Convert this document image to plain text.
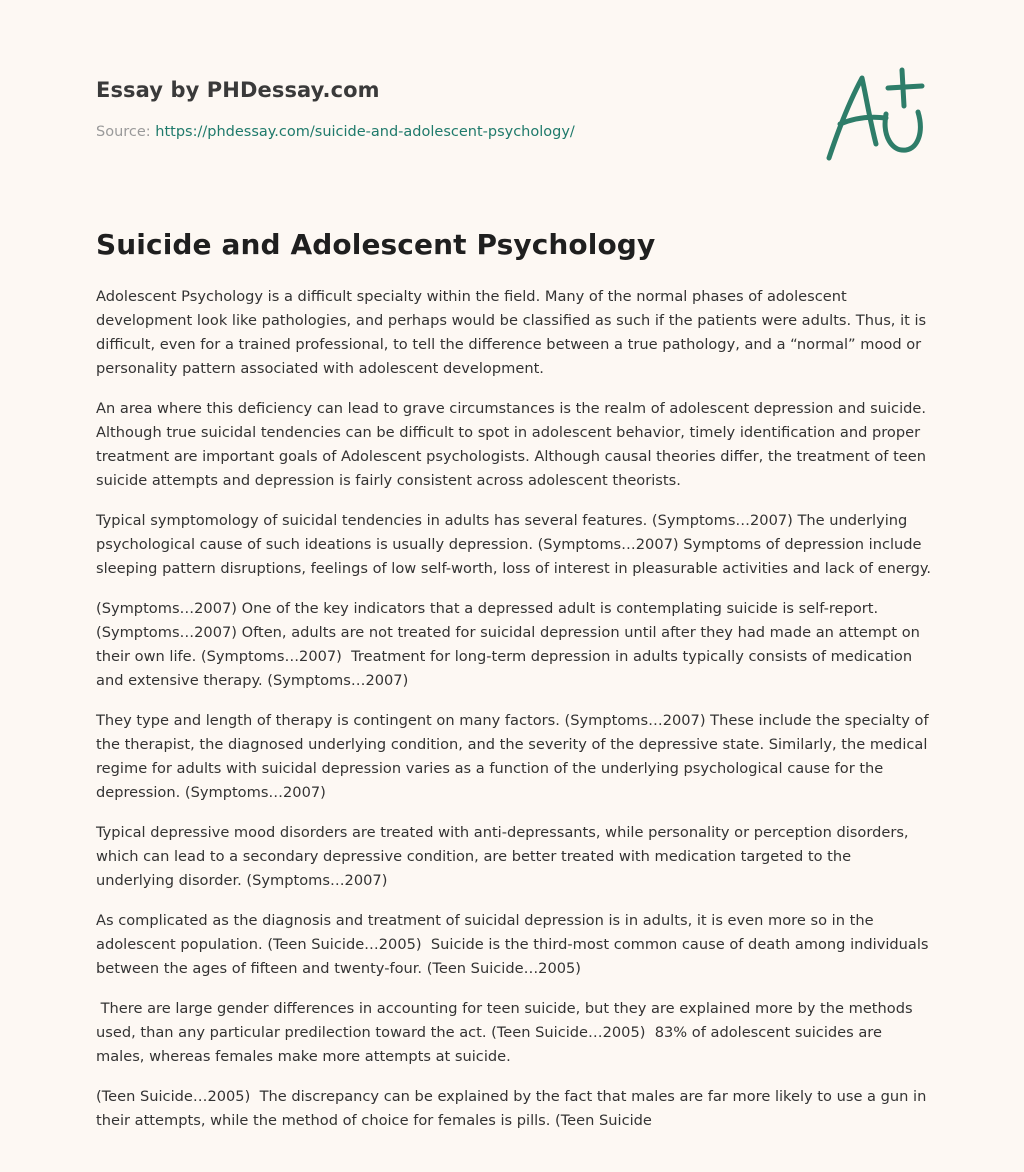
Essay by PHDessay.com
Source: https://phdessay.com/suicide-and-adolescent-psychology/
Suicide and Adolescent Psychology

Adolescent Psychology is a difficult specialty within the field. Many of the normal phases of adolescent development look like pathologies, and perhaps would be classified as such if the patients were adults. Thus, it is difficult, even for a trained professional, to tell the difference between a true pathology, and a “normal” mood or personality pattern associated with adolescent development.

An area where this deficiency can lead to grave circumstances is the realm of adolescent depression and suicide. Although true suicidal tendencies can be difficult to spot in adolescent behavior, timely identification and proper treatment are important goals of Adolescent psychologists. Although causal theories differ, the treatment of teen suicide attempts and depression is fairly consistent across adolescent theorists.

Typical symptomology of suicidal tendencies in adults has several features. (Symptoms…2007) The underlying psychological cause of such ideations is usually depression. (Symptoms…2007) Symptoms of depression include sleeping pattern disruptions, feelings of low self-worth, loss of interest in pleasurable activities and lack of energy.

(Symptoms…2007) One of the key indicators that a depressed adult is contemplating suicide is self-report. (Symptoms…2007) Often, adults are not treated for suicidal depression until after they had made an attempt on their own life. (Symptoms…2007)  Treatment for long-term depression in adults typically consists of medication and extensive therapy. (Symptoms…2007)

They type and length of therapy is contingent on many factors. (Symptoms…2007) These include the specialty of the therapist, the diagnosed underlying condition, and the severity of the depressive state. Similarly, the medical regime for adults with suicidal depression varies as a function of the underlying psychological cause for the depression. (Symptoms…2007)

Typical depressive mood disorders are treated with anti-depressants, while personality or perception disorders, which can lead to a secondary depressive condition, are better treated with medication targeted to the underlying disorder. (Symptoms…2007)

As complicated as the diagnosis and treatment of suicidal depression is in adults, it is even more so in the adolescent population. (Teen Suicide…2005)  Suicide is the third-most common cause of death among individuals between the ages of fifteen and twenty-four. (Teen Suicide…2005)

There are large gender differences in accounting for teen suicide, but they are explained more by the methods used, than any particular predilection toward the act. (Teen Suicide…2005)  83% of adolescent suicides are males, whereas females make more attempts at suicide.

(Teen Suicide…2005)  The discrepancy can be explained by the fact that males are far more likely to use a gun in their attempts, while the method of choice for females is pills. (Teen Suicide
